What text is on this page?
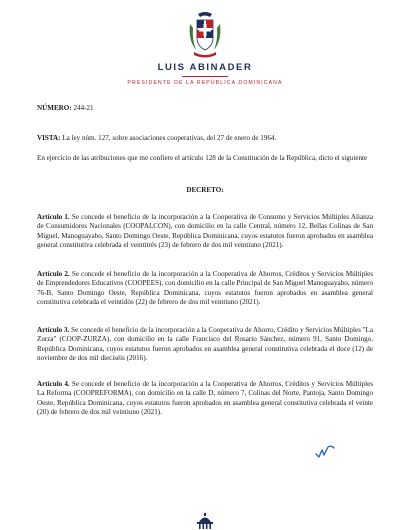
LUIS ABINADER
PRESIDENTE DE LA REPÚBLICA DOMINICANA
NÚMERO: 244-21
VISTA: La ley núm. 127, sobre asociaciones cooperativas, del 27 de enero de 1964.
En ejercicio de las atribuciones que me confiere el artículo 128 de la Constitución de la República, dicto el siguiente
DECRETO:
Artículo 1. Se concede el beneficio de la incorporación a la Cooperativa de Consumo y Servicios Múltiples Alianza de Consumidores Nacionales (COOPALCON), con domicilio en la calle Central, número 12, Bellas Colinas de San Miguel, Manoguayabo, Santo Domingo Oeste, República Dominicana, cuyos estatutos fueron aprobados en asamblea general constitutiva celebrada el veintitrés (23) de febrero de dos mil veintiuno (2021).
Artículo 2. Se concede el beneficio de la incorporación a la Cooperativa de Ahorros, Créditos y Servicios Múltiples de Emprendedores Educativos (COOPEES), con domicilio en la calle Principal de San Miguel Manoguayabo, número 76-B, Santo Domingo Oeste, República Dominicana, cuyos estatutos fueron aprobados en asamblea general constitutiva celebrada el veintidós (22) de febrero de dos mil veintiuno (2021).
Artículo 3. Se concede el beneficio de la incorporación a la Cooperativa de Ahorro, Crédito y Servicios Múltiples "La Zurza" (COOP-ZURZA), con domicilio en la calle Francisco del Rosario Sánchez, número 91, Santo Domingo, República Dominicana, cuyos estatutos fueron aprobados en asamblea general constitutiva celebrada el doce (12) de noviembre de dos mil dieciséis (2016).
Artículo 4. Se concede el beneficio de la incorporación a la Cooperativa de Ahorros, Créditos y Servicios Múltiples La Reforma (COOPREFORMA), con domicilio en la calle D, número 7, Colinas del Norte, Pantoja, Santo Domingo Oeste, República Dominicana, cuyos estatutos fueron aprobados en asamblea general constitutiva celebrada el veinte (20) de febrero de dos mil veintiuno (2021).
